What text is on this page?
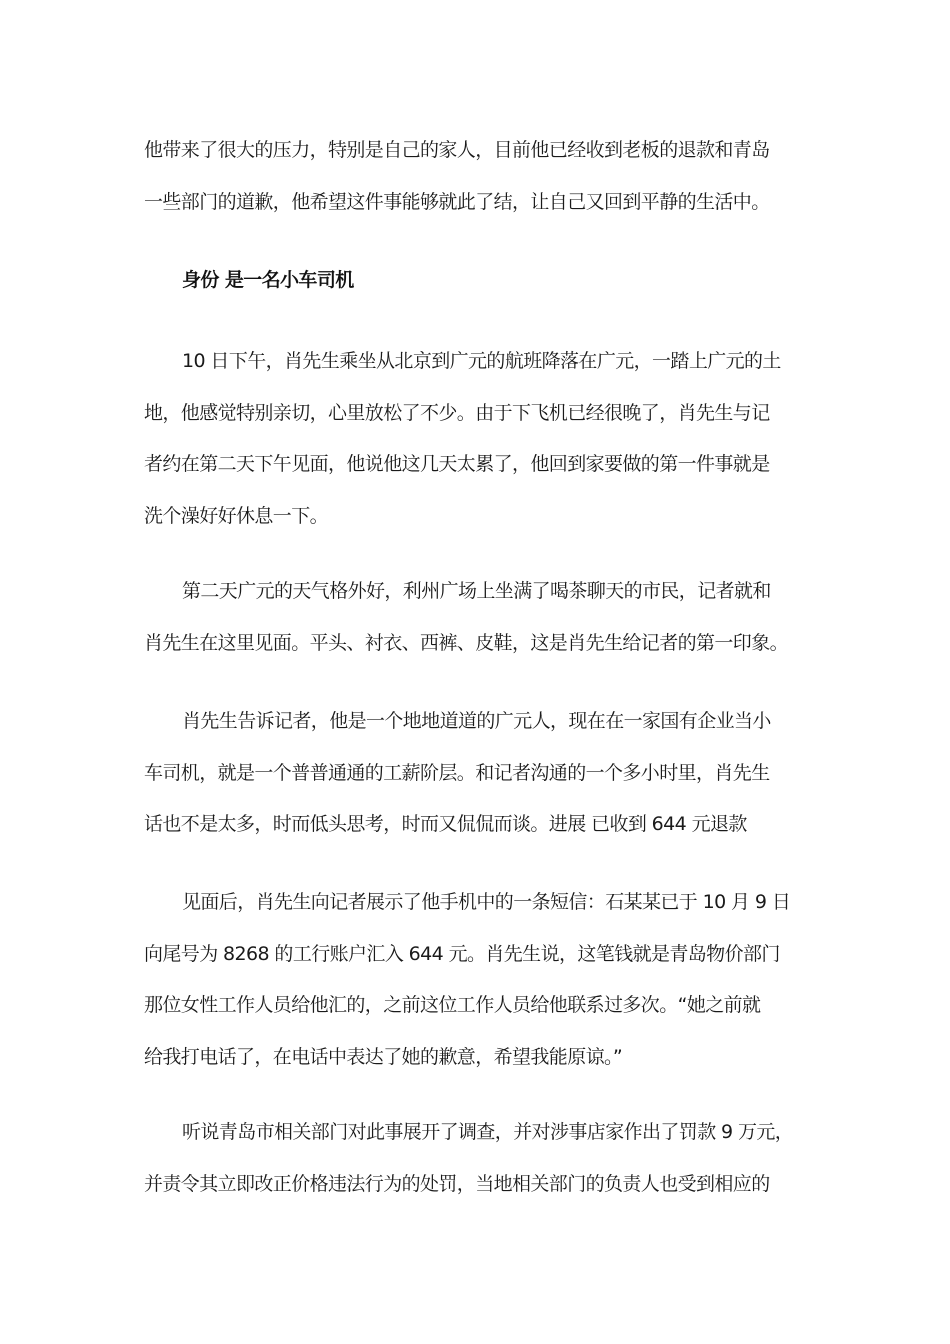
他带来了很大的压力，特别是自己的家人，目前他已经收到老板的退款和青岛
一些部门的道歉，他希望这件事能够就此了结，让自己又回到平静的生活中。
身份 是一名小车司机
10 日下午，肖先生乘坐从北京到广元的航班降落在广元，一踏上广元的土
地，他感觉特别亲切，心里放松了不少。由于下飞机已经很晚了，肖先生与记
者约在第二天下午见面，他说他这几天太累了，他回到家要做的第一件事就是
洗个澡好好休息一下。
第二天广元的天气格外好，利州广场上坐满了喝茶聊天的市民，记者就和
肖先生在这里见面。平头、衬衣、西裤、皮鞋，这是肖先生给记者的第一印象。
肖先生告诉记者，他是一个地地道道的广元人，现在在一家国有企业当小
车司机，就是一个普普通通的工薪阶层。和记者沟通的一个多小时里，肖先生
话也不是太多，时而低头思考，时而又侃侃而谈。进展 已收到 644 元退款
见面后，肖先生向记者展示了他手机中的一条短信：石某某已于 10 月 9 日
向尾号为 8268 的工行账户汇入 644 元。肖先生说，这笔钱就是青岛物价部门
那位女性工作人员给他汇的，之前这位工作人员给他联系过多次。“她之前就
给我打电话了，在电话中表达了她的歉意，希望我能原谅。”
听说青岛市相关部门对此事展开了调查，并对涉事店家作出了罚款 9 万元，
并责令其立即改正价格违法行为的处罚，当地相关部门的负责人也受到相应的
